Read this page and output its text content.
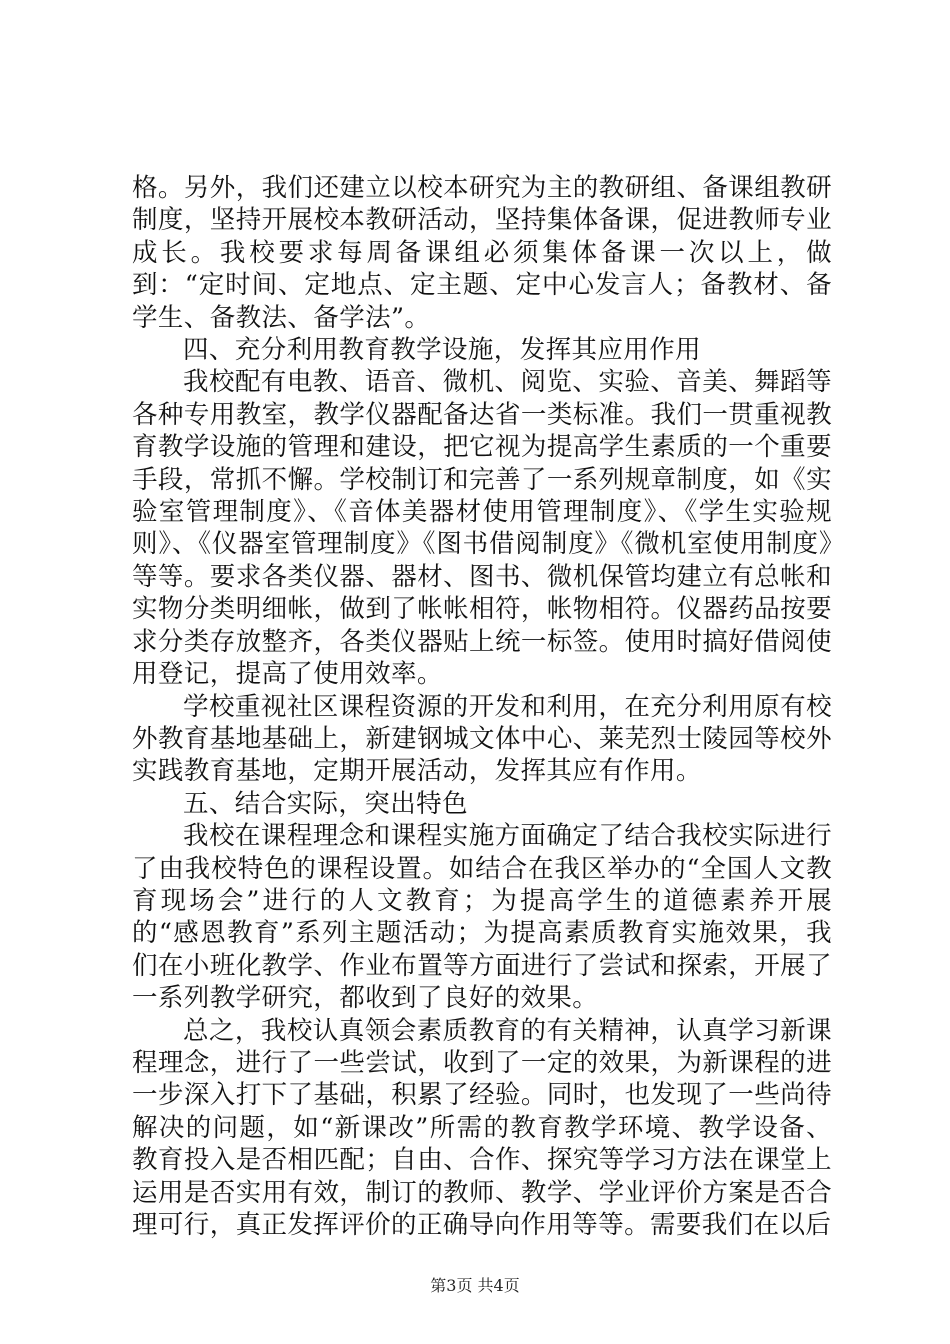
格。另外，我们还建立以校本研究为主的教研组、备课组教研制度，坚持开展校本教研活动，坚持集体备课，促进教师专业成长。我校要求每周备课组必须集体备课一次以上，做到：“定时间、定地点、定主题、定中心发言人；备教材、备学生、备教法、备学法”。

四、充分利用教育教学设施，发挥其应用作用

我校配有电教、语音、微机、阅览、实验、音美、舞蹈等各种专用教室，教学仪器配备达省一类标准。我们一贯重视教育教学设施的管理和建设，把它视为提高学生素质的一个重要手段，常抓不懈。学校制订和完善了一系列规章制度，如《实验室管理制度》、《音体美器材使用管理制度》、《学生实验规则》、《仪器室管理制度》《图书借阅制度》《微机室使用制度》等等。要求各类仪器、器材、图书、微机保管均建立有总帐和实物分类明细帐，做到了帐帐相符，帐物相符。仪器药品按要求分类存放整齐，各类仪器贴上统一标签。使用时搞好借阅使用登记，提高了使用效率。

学校重视社区课程资源的开发和利用，在充分利用原有校外教育基地基础上，新建钢城文体中心、莱芜烈士陵园等校外实践教育基地，定期开展活动，发挥其应有作用。

五、结合实际，突出特色

我校在课程理念和课程实施方面确定了结合我校实际进行了由我校特色的课程设置。如结合在我区举办的“全国人文教育现场会”进行的人文教育；为提高学生的道德素养开展的“感恩教育”系列主题活动；为提高素质教育实施效果，我们在小班化教学、作业布置等方面进行了尝试和探索，开展了一系列教学研究，都收到了良好的效果。

总之，我校认真领会素质教育的有关精神，认真学习新课程理念，进行了一些尝试，收到了一定的效果，为新课程的进一步深入打下了基础，积累了经验。同时，也发现了一些尚待解决的问题，如“新课改”所需的教育教学环境、教学设备、教育投入是否相匹配；自由、合作、探究等学习方法在课堂上运用是否实用有效，制订的教师、教学、学业评价方案是否合理可行，真正发挥评价的正确导向作用等等。需要我们在以后

第3页 共4页
